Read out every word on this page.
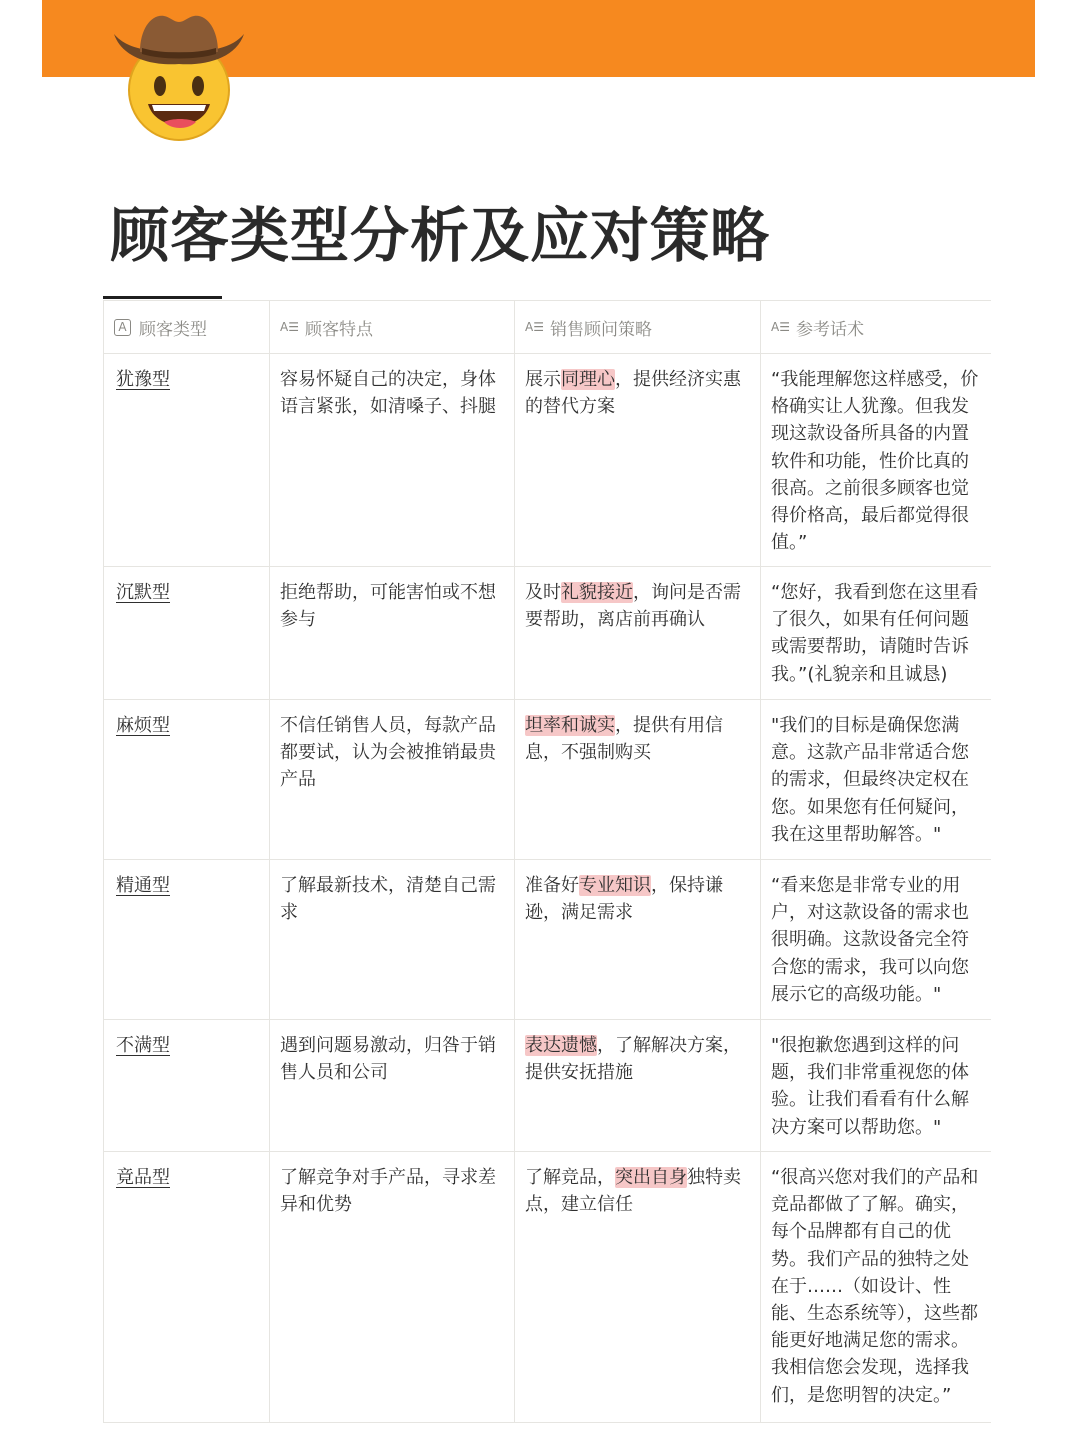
顾客类型分析及应对策略
A 顾客类型	A☰ 顾客特点	A☰ 销售顾问策略	A☰ 参考话术

犹豫型	容易怀疑自己的决定，身体语言紧张，如清嗓子、抖腿	展示同理心，提供经济实惠的替代方案	“我能理解您这样感受，价格确实让人犹豫。但我发现这款设备所具备的内置软件和功能，性价比真的很高。之前很多顾客也觉得价格高，最后都觉得很值。”
沉默型	拒绝帮助，可能害怕或不想参与	及时礼貌接近，询问是否需要帮助，离店前再确认	“您好，我看到您在这里看了很久，如果有任何问题或需要帮助，请随时告诉我。”(礼貌亲和且诚恳)
麻烦型	不信任销售人员，每款产品都要试，认为会被推销最贵产品	坦率和诚实，提供有用信息，不强制购买	"我们的目标是确保您满意。这款产品非常适合您的需求，但最终决定权在您。如果您有任何疑问，我在这里帮助解答。"
精通型	了解最新技术，清楚自己需求	准备好专业知识，保持谦逊，满足需求	“看来您是非常专业的用户，对这款设备的需求也很明确。这款设备完全符合您的需求，我可以向您展示它的高级功能。"
不满型	遇到问题易激动，归咎于销售人员和公司	表达遗憾，了解解决方案，提供安抚措施	"很抱歉您遇到这样的问题，我们非常重视您的体验。让我们看看有什么解决方案可以帮助您。"
竟品型	了解竞争对手产品，寻求差异和优势	了解竞品，突出自身独特卖点，建立信任	“很高兴您对我们的产品和竞品都做了了解。确实，每个品牌都有自己的优势。我们产品的独特之处在于……（如设计、性能、生态系统等），这些都能更好地满足您的需求。我相信您会发现，选择我们，是您明智的决定。”
